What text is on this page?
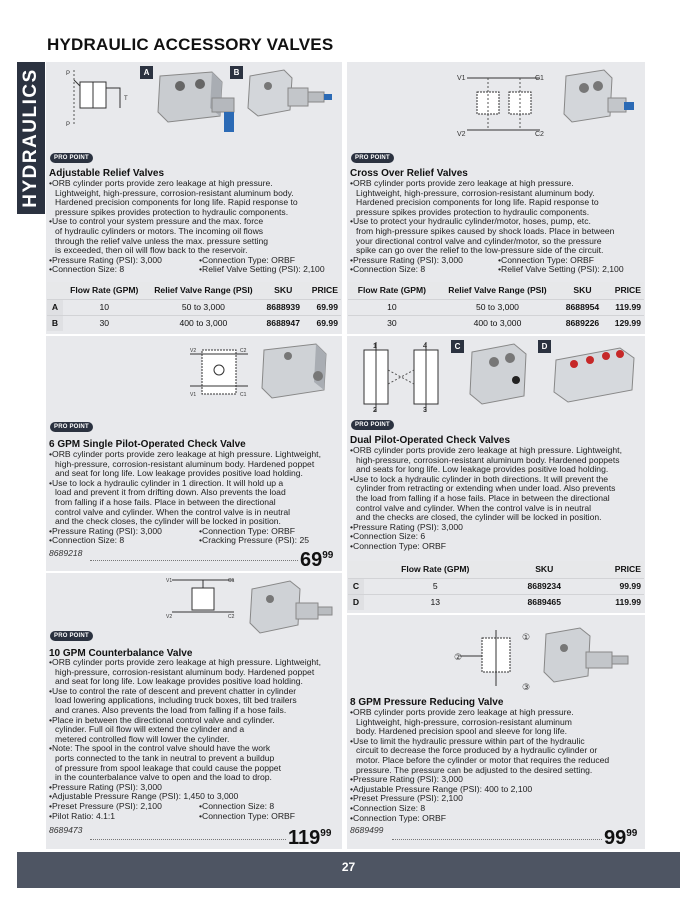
HYDRAULIC ACCESSORY VALVES
HYDRAULICS	P
P
T
A	B
PRO POINT
Adjustable Relief Valves
• ORB cylinder ports provide zero leakage at high pressure.
Lightweight, high-pressure, corrosion-resistant aluminum body.
Hardened precision components for long life. Rapid response to
pressure spikes provides protection to hydraulic components.
• Use to control your system pressure and the max. force
of hydraulic cylinders or motors. The incoming oil flows
through the relief valve unless the max. pressure setting
is exceeded, then oil will flow back to the reservoir.
• Pressure Rating (PSI): 3,000	• Connection Type: ORBF
• Connection Size: 8	• Relief Valve Setting (PSI): 2,100
	Flow Rate (GPM)	Relief Valve Range (PSI)	SKU	PRICE
A	10	50 to 3,000	8688939	69.99
B	30	400 to 3,000	8688947	69.99
V1	C1
V2	C2
PRO POINT
Cross Over Relief Valves
• ORB cylinder ports provide zero leakage at high pressure.
Lightweight, high-pressure, corrosion-resistant aluminum body.
Hardened precision components for long life. Rapid response to
pressure spikes provides protection to hydraulic components.
• Use to protect your hydraulic cylinder/motor, hoses, pump, etc.
from high-pressure spikes caused by shock loads. Place in between
your directional control valve and cylinder/motor, so the pressure
spike can go over the relief to the low-pressure side of the circuit.
• Pressure Rating (PSI): 3,000	• Connection Type: ORBF
• Connection Size: 8	• Relief Valve Setting (PSI): 2,100
Flow Rate (GPM)	Relief Valve Range (PSI)	SKU	PRICE
10	50 to 3,000	8688954	119.99
30	400 to 3,000	8689226	129.99
V2	C2
V1	C1
PRO POINT
6 GPM Single Pilot-Operated Check Valve
• ORB cylinder ports provide zero leakage at high pressure. Lightweight,
high-pressure, corrosion-resistant aluminum body. Hardened poppet
and seat for long life. Low leakage provides positive load holding.
• Use to lock a hydraulic cylinder in 1 direction. It will hold up a
load and prevent it from drifting down. Also prevents the load
from falling if a hose fails. Place in between the directional
control valve and cylinder. When the control valve is in neutral
and the check closes, the cylinder will be locked in position.
• Pressure Rating (PSI): 3,000	• Connection Type: ORBF
• Connection Size: 8	• Cracking Pressure (PSI): 25
8689218	$69^{99}$
1	4
2	3
C	D
PRO POINT
Dual Pilot-Operated Check Valves
• ORB cylinder ports provide zero leakage at high pressure. Lightweight,
high-pressure, corrosion-resistant aluminum body. Hardened poppets
and seats for long life. Low leakage provides positive load holding.
• Use to lock a hydraulic cylinder in both directions. It will prevent the
cylinder from retracting or extending when under load. Also prevents
the load from falling if a hose fails. Place in between the directional
control valve and cylinder. When the control valve is in neutral
and the checks are closed, the cylinder will be locked in position.
• Pressure Rating (PSI): 3,000
• Connection Size: 6
• Connection Type: ORBF
	Flow Rate (GPM)	SKU	PRICE
C	5	8689234	99.99
D	13	8689465	119.99
V1	C1
V2	C2
PRO POINT
10 GPM Counterbalance Valve
• ORB cylinder ports provide zero leakage at high pressure. Lightweight,
high-pressure, corrosion-resistant aluminum body. Hardened poppet
and seat for long life. Low leakage provides positive load holding.
• Use to control the rate of descent and prevent chatter in cylinder
load lowering applications, including truck boxes, tilt bed trailers
and cranes. Also prevents the load from falling if a hose fails.
• Place in between the directional control valve and cylinder.
cylinder. Full oil flow will extend the cylinder and a
metered controlled flow will lower the cylinder.
• Note: The spool in the control valve should have the work
ports connected to the tank in neutral to prevent a buildup
of pressure from spool leakage that could cause the poppet
in the counterbalance valve to open and the load to drop.
• Pressure Rating (PSI): 3,000
• Adjustable Pressure Range (PSI): 1,450 to 3,000
• Preset Pressure (PSI): 2,100	• Connection Size: 8
• Pilot Ratio: 4.1:1	• Connection Type: ORBF
8689473	$119^{99}$
①
②
③
8 GPM Pressure Reducing Valve
• ORB cylinder ports provide zero leakage at high pressure.
Lightweight, high-pressure, corrosion-resistant aluminum
body. Hardened precision spool and sleeve for long life.
• Use to limit the hydraulic pressure within part of the hydraulic
circuit to decrease the force produced by a hydraulic cylinder or
motor. Place before the cylinder or motor that requires the reduced
pressure. The pressure can be adjusted to the desired setting.
• Pressure Rating (PSI): 3,000
• Adjustable Pressure Range (PSI): 400 to 2,100
• Preset Pressure (PSI): 2,100
• Connection Size: 8
• Connection Type: ORBF
8689499	$99^{99}$
27
